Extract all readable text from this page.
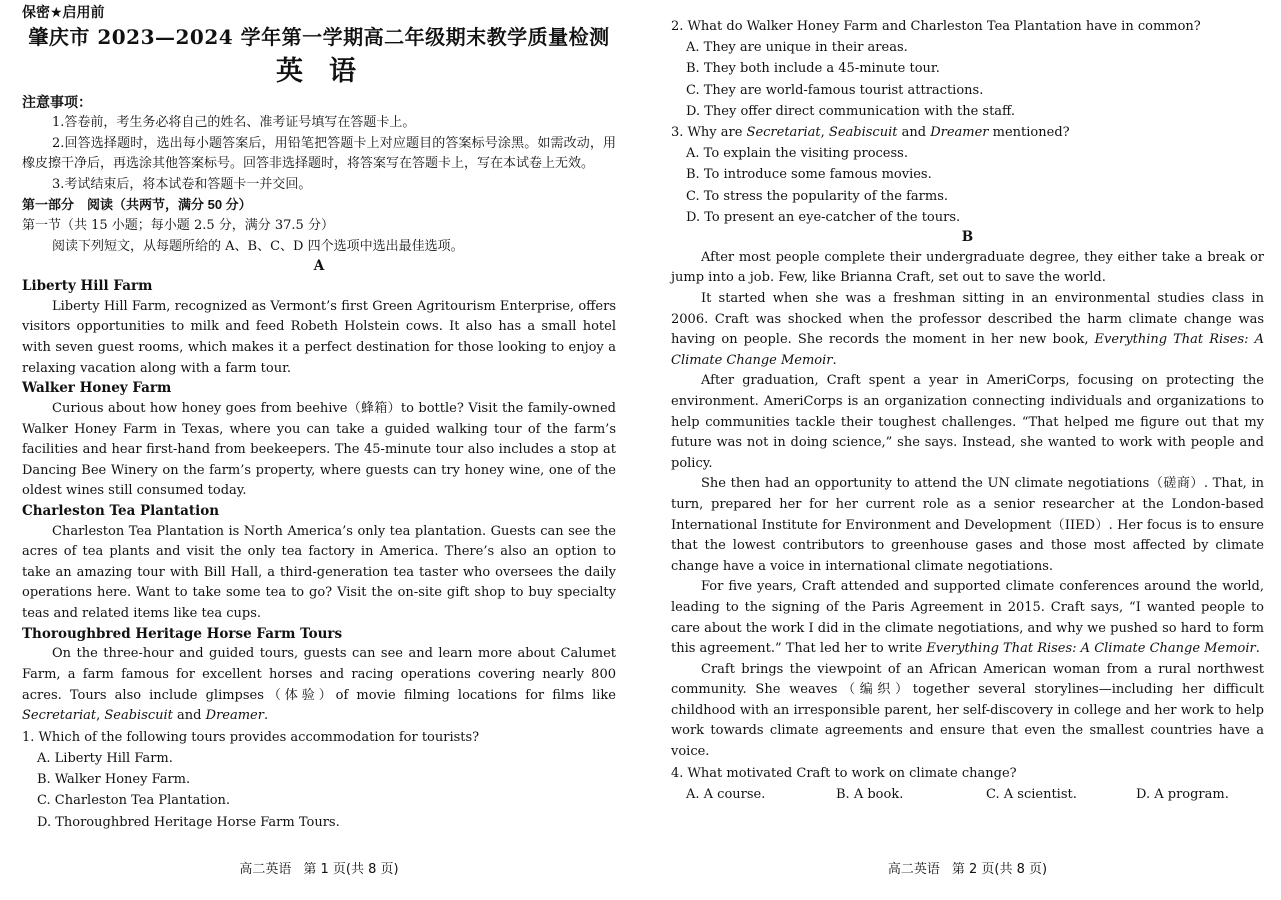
保密★启用前
肇庆市 2023—2024 学年第一学期高二年级期末教学质量检测
英语
注意事项：

1.答卷前，考生务必将自己的姓名、准考证号填写在答题卡上。

2.回答选择题时，选出每小题答案后，用铅笔把答题卡上对应题目的答案标号涂黑。如需改动，用橡皮擦干净后，再选涂其他答案标号。回答非选择题时，将答案写在答题卡上，写在本试卷上无效。

3.考试结束后，将本试卷和答题卡一并交回。

第一部分　阅读（共两节，满分 50 分）

第一节（共 15 小题；每小题 2.5 分，满分 37.5 分）

阅读下列短文，从每题所给的 A、B、C、D 四个选项中选出最佳选项。

A
Liberty Hill Farm

Liberty Hill Farm, recognized as Vermont’s first Green Agritourism Enterprise, offers visitors opportunities to milk and feed Robeth Holstein cows. It also has a small hotel with seven guest rooms, which makes it a perfect destination for those looking to enjoy a relaxing vacation along with a farm tour.

Walker Honey Farm

Curious about how honey goes from beehive（蜂箱）to bottle? Visit the family-owned Walker Honey Farm in Texas, where you can take a guided walking tour of the farm’s facilities and hear first-hand from beekeepers. The 45-minute tour also includes a stop at Dancing Bee Winery on the farm’s property, where guests can try honey wine, one of the oldest wines still consumed today.

Charleston Tea Plantation

Charleston Tea Plantation is North America’s only tea plantation. Guests can see the acres of tea plants and visit the only tea factory in America. There’s also an option to take an amazing tour with Bill Hall, a third-generation tea taster who oversees the daily operations here. Want to take some tea to go? Visit the on-site gift shop to buy specialty teas and related items like tea cups.

Thoroughbred Heritage Horse Farm Tours

On the three-hour and guided tours, guests can see and learn more about Calumet Farm, a farm famous for excellent horses and racing operations covering nearly 800 acres. Tours also include glimpses（体验）of movie filming locations for films like Secretariat, Seabiscuit and Dreamer.

1. Which of the following tours provides accommodation for tourists?

A. Liberty Hill Farm.
B. Walker Honey Farm.
C. Charleston Tea Plantation.
D. Thoroughbred Heritage Horse Farm Tours.
高二英语 第 1 页(共 8 页)

2. What do Walker Honey Farm and Charleston Tea Plantation have in common?

A. They are unique in their areas.
B. They both include a 45-minute tour.
C. They are world-famous tourist attractions.
D. They offer direct communication with the staff.

3. Why are Secretariat, Seabiscuit and Dreamer mentioned?

A. To explain the visiting process.
B. To introduce some famous movies.
C. To stress the popularity of the farms.
D. To present an eye-catcher of the tours.
B

After most people complete their undergraduate degree, they either take a break or jump into a job. Few, like Brianna Craft, set out to save the world.

It started when she was a freshman sitting in an environmental studies class in 2006. Craft was shocked when the professor described the harm climate change was having on people. She records the moment in her new book, Everything That Rises: A Climate Change Memoir.

After graduation, Craft spent a year in AmeriCorps, focusing on protecting the environment. AmeriCorps is an organization connecting individuals and organizations to help communities tackle their toughest challenges. “That helped me figure out that my future was not in doing science,” she says. Instead, she wanted to work with people and policy.

She then had an opportunity to attend the UN climate negotiations（磋商）. That, in turn, prepared her for her current role as a senior researcher at the London-based International Institute for Environment and Development（IIED）. Her focus is to ensure that the lowest contributors to greenhouse gases and those most affected by climate change have a voice in international climate negotiations.

For five years, Craft attended and supported climate conferences around the world, leading to the signing of the Paris Agreement in 2015. Craft says, “I wanted people to care about the work I did in the climate negotiations, and why we pushed so hard to form this agreement.” That led her to write Everything That Rises: A Climate Change Memoir.

Craft brings the viewpoint of an African American woman from a rural northwest community. She weaves（编织）together several storylines—including her difficult childhood with an irresponsible parent, her self-discovery in college and her work to help work towards climate agreements and ensure that even the smallest countries have a voice.

4. What motivated Craft to work on climate change?

A. A course.	B. A book.	C. A scientist.	D. A program.
高二英语 第 2 页(共 8 页)
